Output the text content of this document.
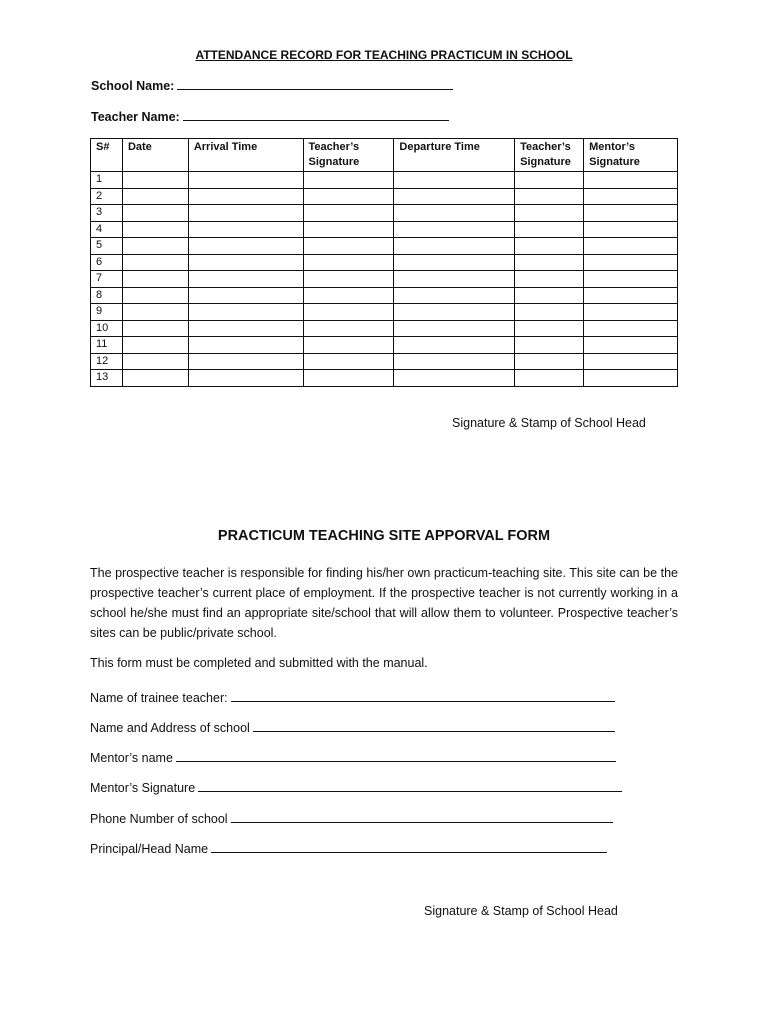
ATTENDANCE RECORD FOR TEACHING PRACTICUM IN SCHOOL
School Name:
Teacher Name:
S#	Date	Arrival Time	Teacher’s Signature	Departure Time	Teacher’s Signature	Mentor’s Signature
1						
2						
3						
4						
5						
6						
7						
8						
9						
10						
11						
12						
13						
Signature & Stamp of School Head
PRACTICUM TEACHING SITE APPORVAL FORM
The prospective teacher is responsible for finding his/her own practicum-teaching site. This site can be the prospective teacher’s current place of employment. If the prospective teacher is not currently working in a school he/she must find an appropriate site/school that will allow them to volunteer. Prospective teacher’s sites can be public/private school.
This form must be completed and submitted with the manual.
Name of trainee teacher:
Name and Address of school
Mentor’s name
Mentor’s Signature
Phone Number of school
Principal/Head Name
Signature & Stamp of School Head
